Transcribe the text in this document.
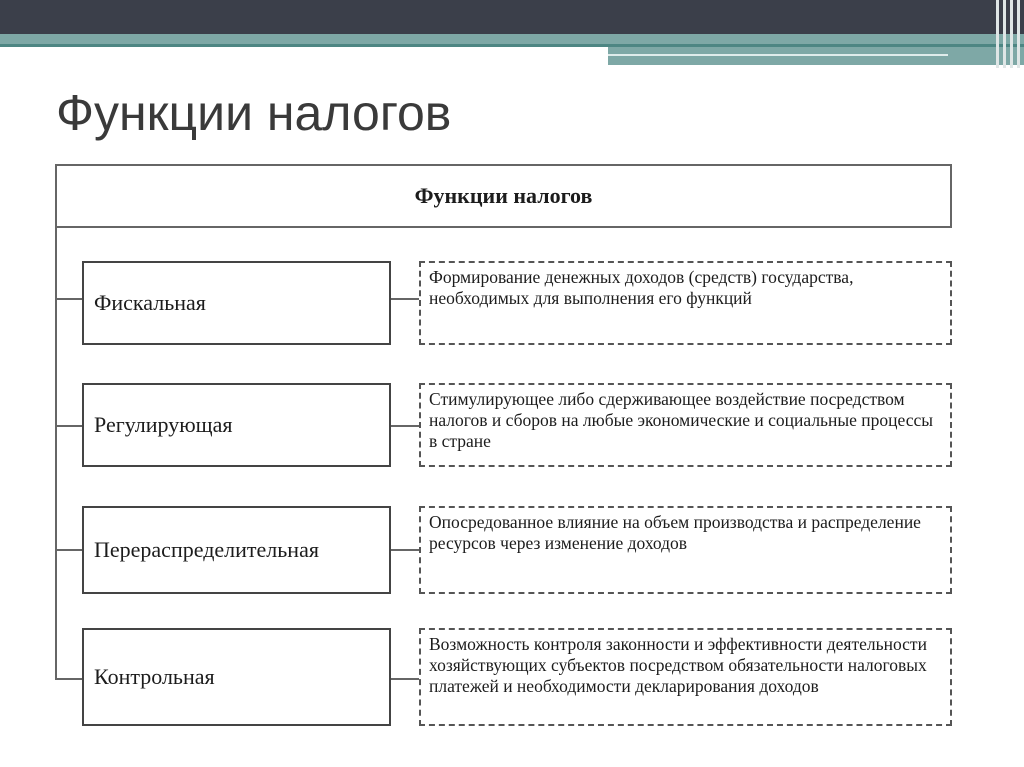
Функции налогов
Функции налогов
Фискальная
Формирование денежных доходов (средств) государства, необходимых для выполнения его функций
Регулирующая
Стимулирующее либо сдерживающее воздействие посредством налогов и сборов на любые экономические и социальные процессы в стране
Перераспределительная
Опосредованное влияние на объем производства и распределение ресурсов через изменение доходов
Контрольная
Возможность контроля законности и эффективности деятельности хозяйствующих субъектов посредством обязательности налоговых платежей и необходимости декларирования доходов
